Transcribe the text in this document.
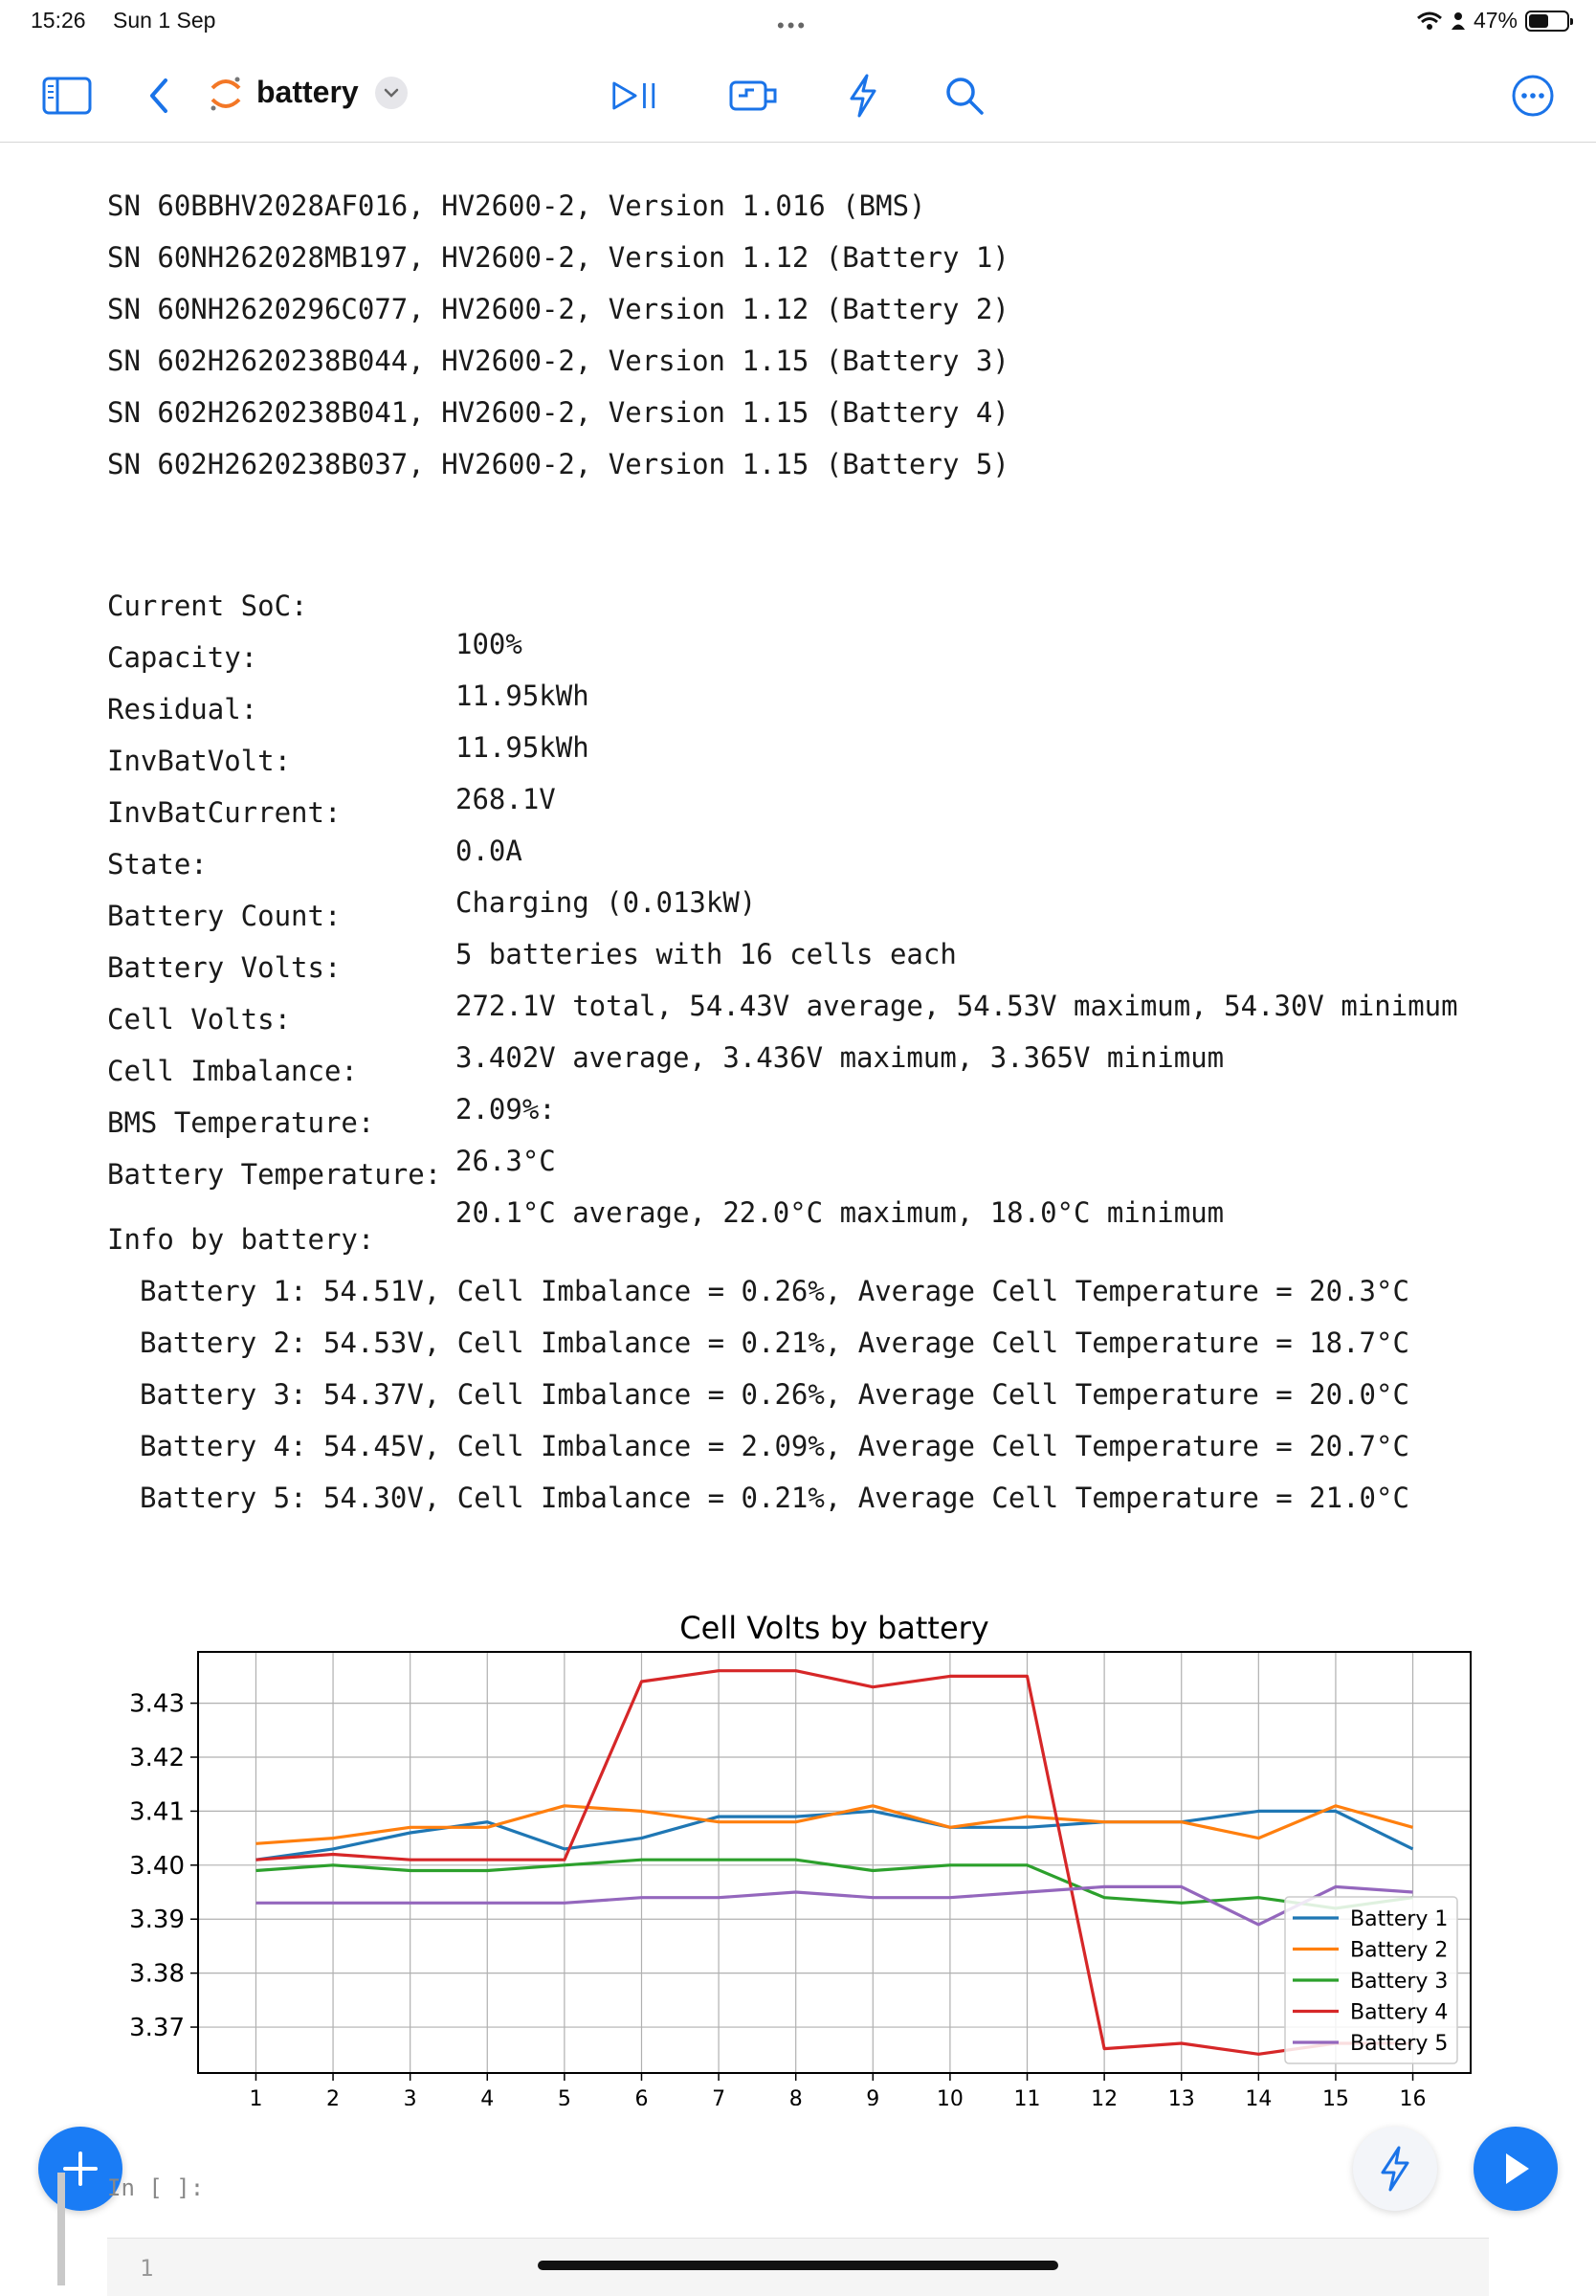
15:26 Sun 1 Sep	•••	47%
battery
SN 60BBHV2028AF016, HV2600-2, Version 1.016 (BMS)
SN 60NH262028MB197, HV2600-2, Version 1.12 (Battery 1)
SN 60NH2620296C077, HV2600-2, Version 1.12 (Battery 2)
SN 602H2620238B044, HV2600-2, Version 1.15 (Battery 3)
SN 602H2620238B041, HV2600-2, Version 1.15 (Battery 4)
SN 602H2620238B037, HV2600-2, Version 1.15 (Battery 5)

Current SoC:

100%

Capacity:

11.95kWh

Residual:

11.95kWh

InvBatVolt:

268.1V

InvBatCurrent:

0.0A

State:

Charging (0.013kW)

Battery Count:

5 batteries with 16 cells each

Battery Volts:

272.1V total, 54.43V average, 54.53V maximum, 54.30V minimum

Cell Volts:

3.402V average, 3.436V maximum, 3.365V minimum

Cell Imbalance:

2.09%:

BMS Temperature:

26.3°C

Battery Temperature:

20.1°C average, 22.0°C maximum, 18.0°C minimum

Info by battery:
Battery 1: 54.51V, Cell Imbalance = 0.26%, Average Cell Temperature = 20.3°C
Battery 2: 54.53V, Cell Imbalance = 0.21%, Average Cell Temperature = 18.7°C
Battery 3: 54.37V, Cell Imbalance = 0.26%, Average Cell Temperature = 20.0°C
Battery 4: 54.45V, Cell Imbalance = 2.09%, Average Cell Temperature = 20.7°C
Battery 5: 54.30V, Cell Imbalance = 0.21%, Average Cell Temperature = 21.0°C
Cell Volts by battery
1	2	3	4	5	6	7	8	9	10 11 12 13 14 15 16
3.37
3.38
3.39
3.40
3.41
3.42
3.43
Battery 1
Battery 2
Battery 3
Battery 4
Battery 5
In [ ]:
1
